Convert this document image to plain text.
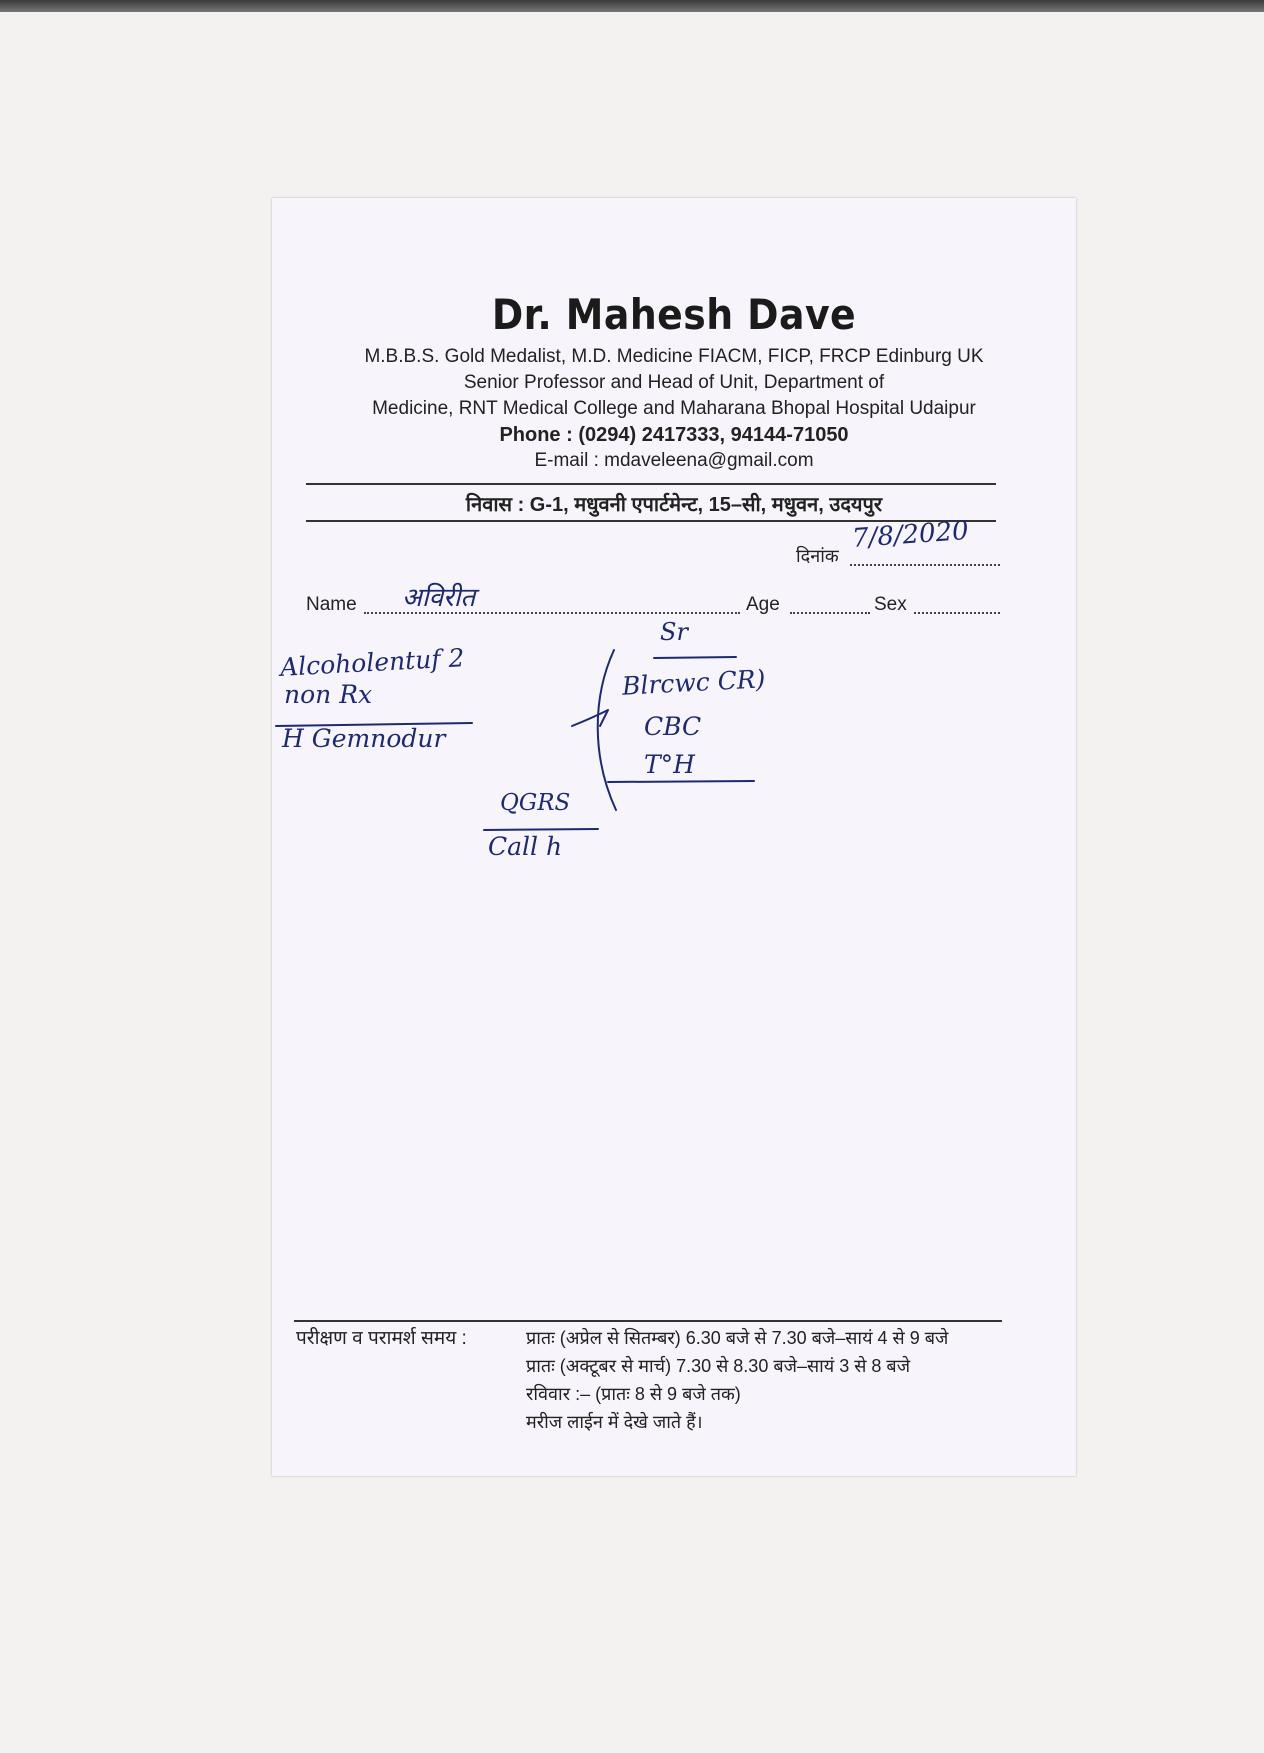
Dr. Mahesh Dave
M.B.B.S. Gold Medalist, M.D. Medicine FIACM, FICP, FRCP Edinburg UK
Senior Professor and Head of Unit, Department of
Medicine, RNT Medical College and Maharana Bhopal Hospital Udaipur
Phone : (0294) 2417333, 94144-71050
E-mail : mdaveleena@gmail.com
निवास : G-1, मधुवनी एपार्टमेन्ट, 15–सी, मधुवन, उदयपुर
दिनांक
7/8/2020
Name अविरीत	Age	Sex
Alcoholentuf 2
non Rx
H Gemnodur
Sr
Blrcwc CR)
CBC
T°H
QGRS
Call h
परीक्षण व परामर्श समय :	प्रातः (अप्रेल से सितम्बर) 6.30 बजे से 7.30 बजे–सायं 4 से 9 बजे
प्रातः (अक्टूबर से मार्च) 7.30 से 8.30 बजे–सायं 3 से 8 बजे
रविवार :– (प्रातः 8 से 9 बजे तक)
मरीज लाईन में देखे जाते हैं।
